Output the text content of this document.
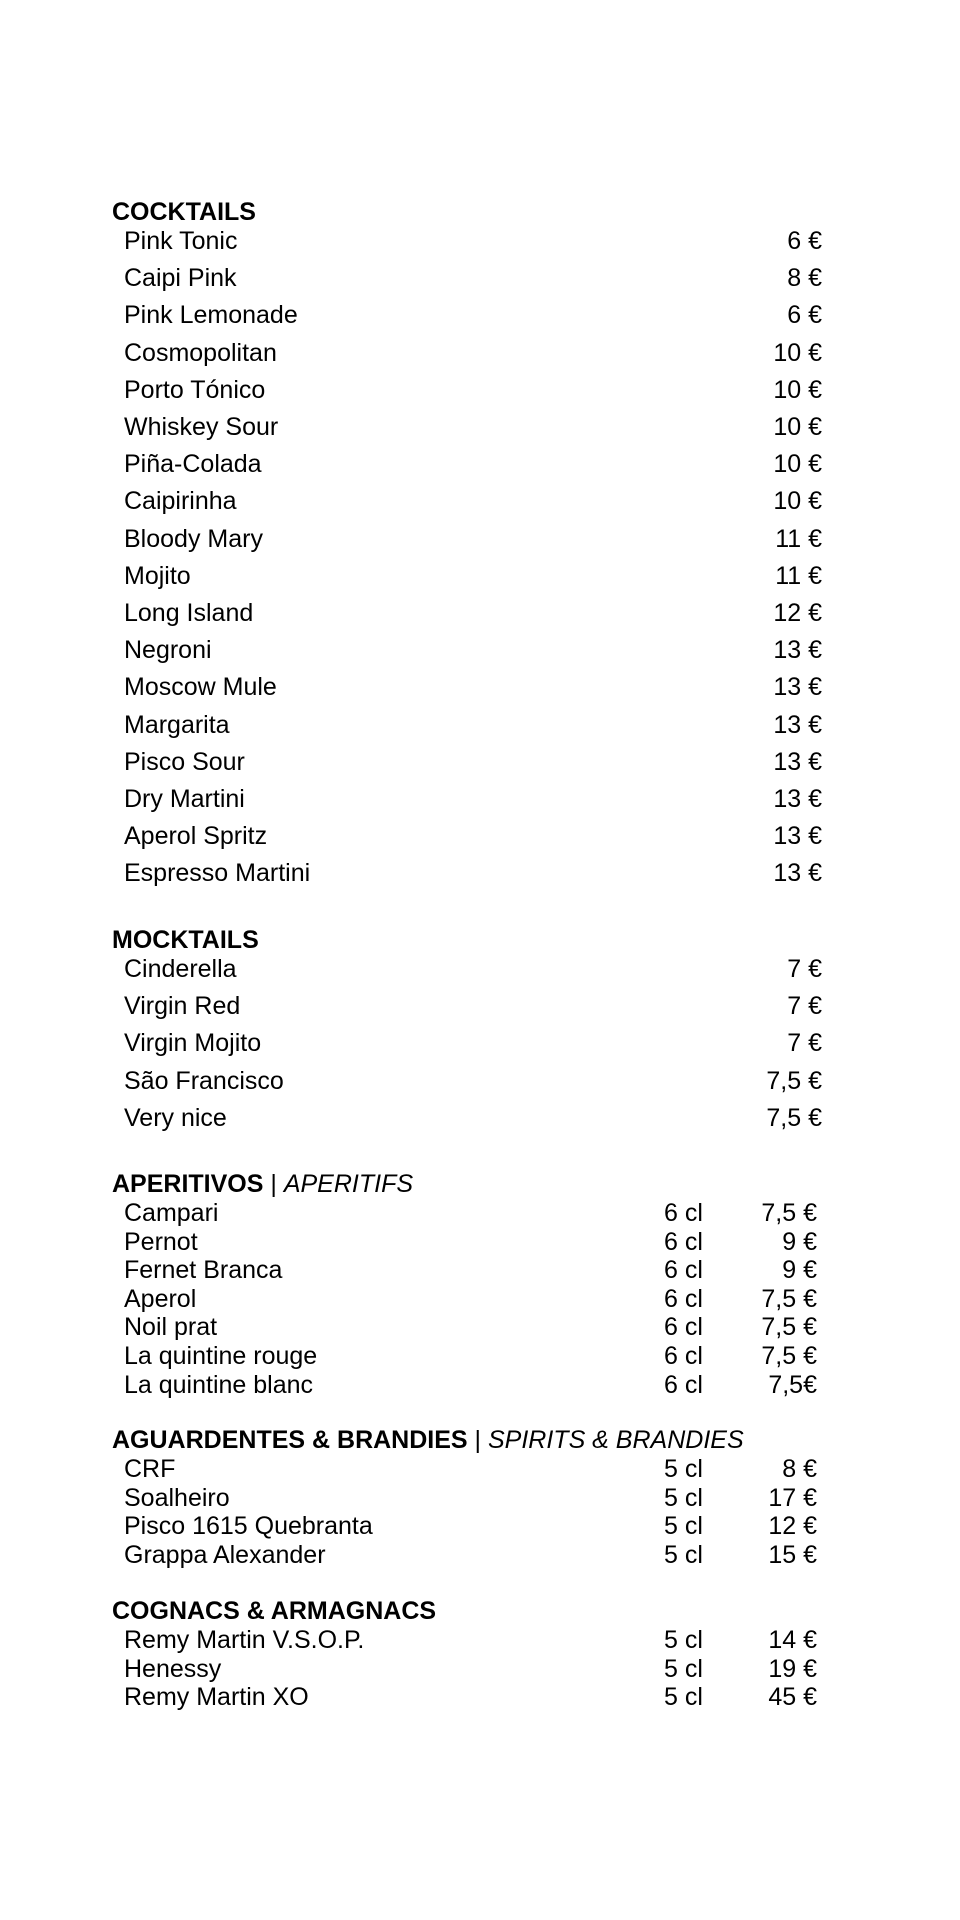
COCKTAILS
Pink Tonic	6 €
Caipi Pink	8 €
Pink Lemonade	6 €
Cosmopolitan	10 €
Porto Tónico	10 €
Whiskey Sour	10 €
Piña-Colada	10 €
Caipirinha	10 €
Bloody Mary	11 €
Mojito	11 €
Long Island	12 €
Negroni	13 €
Moscow Mule	13 €
Margarita	13 €
Pisco Sour	13 €
Dry Martini	13 €
Aperol Spritz	13 €
Espresso Martini	13 €
MOCKTAILS
Cinderella	7 €
Virgin Red	7 €
Virgin Mojito	7 €
São Francisco	7,5 €
Very nice	7,5 €
APERITIVOS | APERITIFS
Campari	6 cl 7,5 €
Pernot	6 cl	9 €
Fernet Branca	6 cl	9 €
Aperol	6 cl 7,5 €
Noil prat	6 cl 7,5 €
La quintine rouge	6 cl 7,5 €
La quintine blanc	6 cl	7,5€
AGUARDENTES & BRANDIES | SPIRITS & BRANDIES
CRF	5 cl	8 €
Soalheiro	5 cl	17 €
Pisco 1615 Quebranta	5 cl	12 €
Grappa Alexander	5 cl	15 €
COGNACS & ARMAGNACS
Remy Martin V.S.O.P.	5 cl	14 €
Henessy	5 cl	19 €
Remy Martin XO	5 cl	45 €
